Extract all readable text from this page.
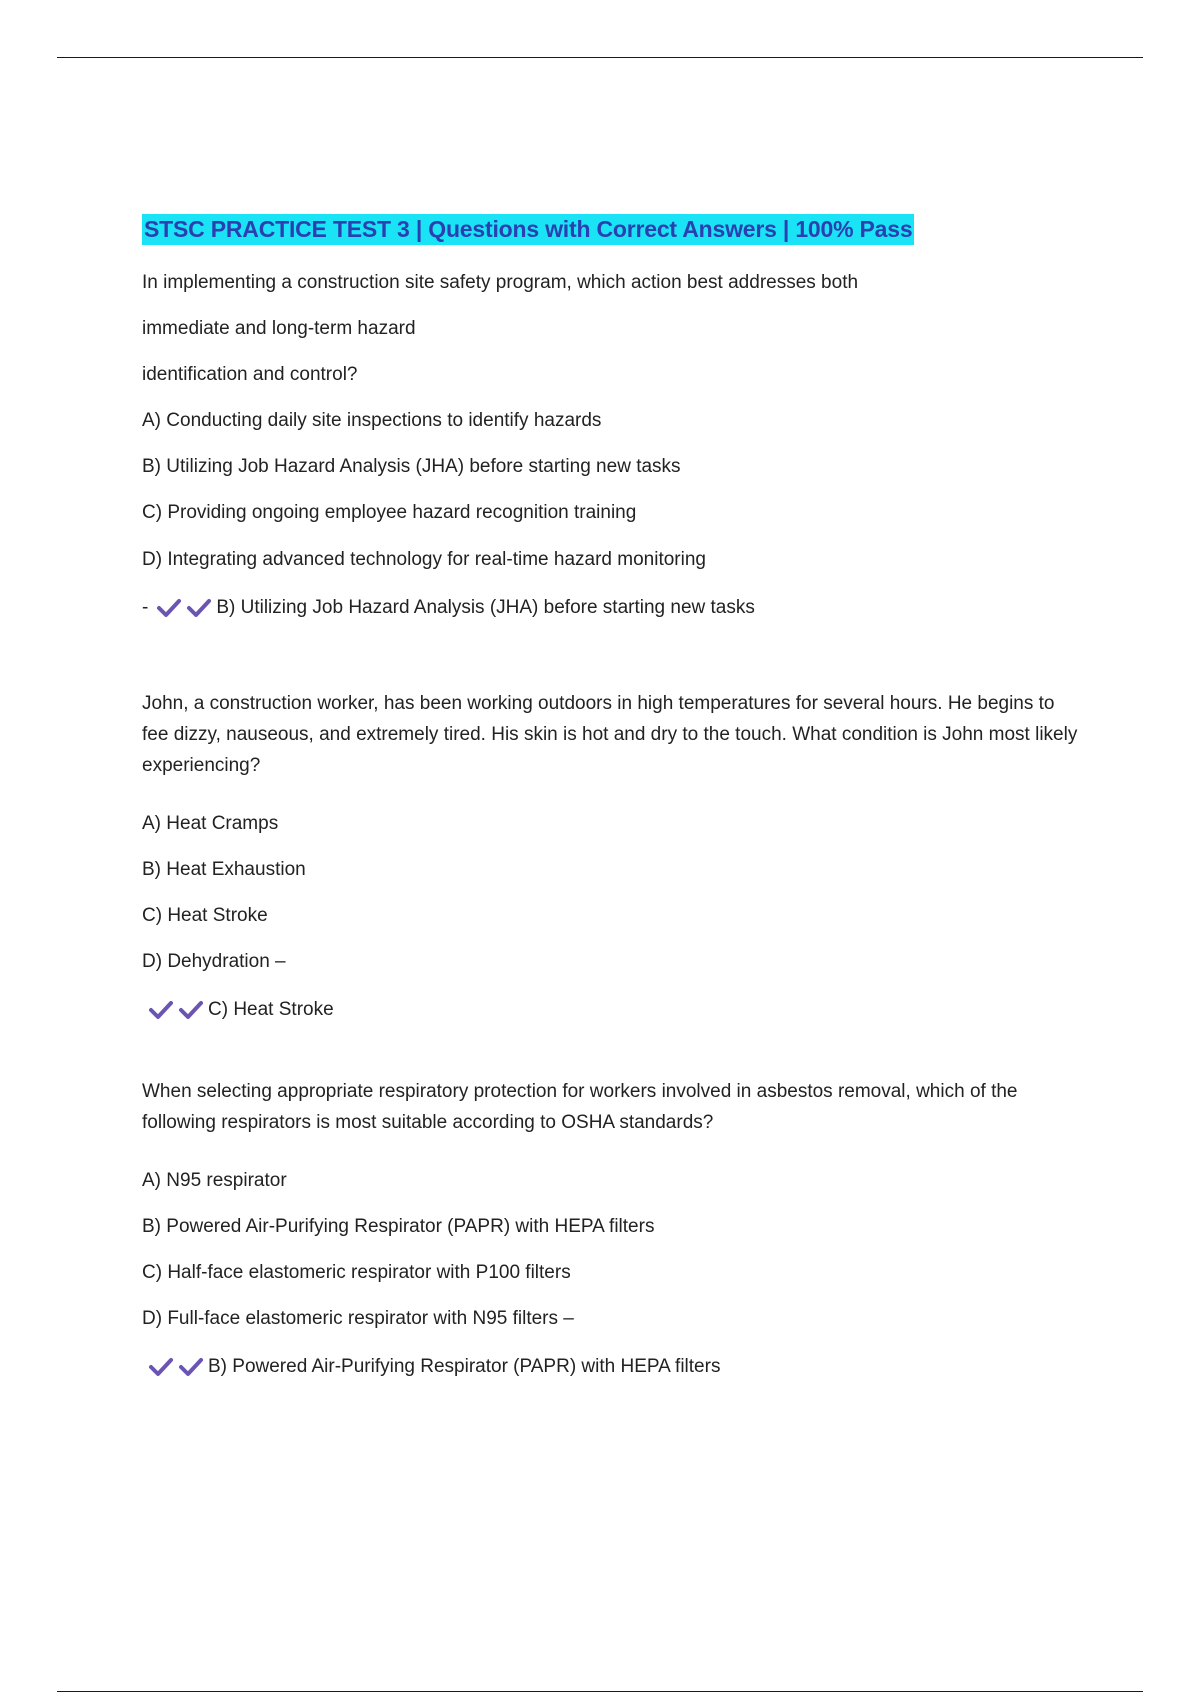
STSC PRACTICE TEST 3 | Questions with Correct Answers | 100% Pass

In implementing a construction site safety program, which action best addresses both

immediate and long-term hazard

identification and control?

A) Conducting daily site inspections to identify hazards

B) Utilizing Job Hazard Analysis (JHA) before starting new tasks

C) Providing ongoing employee hazard recognition training

D) Integrating advanced technology for real-time hazard monitoring

-	B) Utilizing Job Hazard Analysis (JHA) before starting new tasks

John, a construction worker, has been working outdoors in high temperatures for several hours. He begins to fee dizzy, nauseous, and extremely tired. His skin is hot and dry to the touch. What condition is John most likely experiencing?

A) Heat Cramps

B) Heat Exhaustion

C) Heat Stroke

D) Dehydration –

C) Heat Stroke

When selecting appropriate respiratory protection for workers involved in asbestos removal, which of the following respirators is most suitable according to OSHA standards?

A) N95 respirator

B) Powered Air-Purifying Respirator (PAPR) with HEPA filters

C) Half-face elastomeric respirator with P100 filters

D) Full-face elastomeric respirator with N95 filters –

B) Powered Air-Purifying Respirator (PAPR) with HEPA filters
